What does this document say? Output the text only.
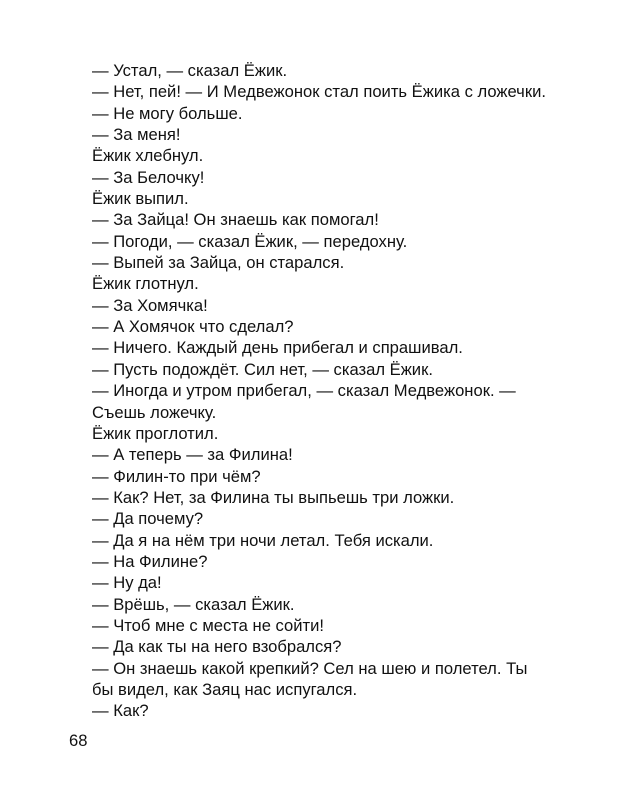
— Устал, — сказал Ёжик.
— Нет, пей! — И Медвежонок стал поить Ёжика с ложечки.
— Не могу больше.
— За меня!
Ёжик хлебнул.
— За Белочку!
Ёжик выпил.
— За Зайца! Он знаешь как помогал!
— Погоди, — сказал Ёжик, — передохну.
— Выпей за Зайца, он старался.
Ёжик глотнул.
— За Хомячка!
— А Хомячок что сделал?
— Ничего. Каждый день прибегал и спрашивал.
— Пусть подождёт. Сил нет, — сказал Ёжик.
— Иногда и утром прибегал, — сказал Медвежонок. —
Съешь ложечку.
Ёжик проглотил.
— А теперь — за Филина!
— Филин-то при чём?
— Как? Нет, за Филина ты выпьешь три ложки.
— Да почему?
— Да я на нём три ночи летал. Тебя искали.
— На Филине?
— Ну да!
— Врёшь, — сказал Ёжик.
— Чтоб мне с места не сойти!
— Да как ты на него взобрался?
— Он знаешь какой крепкий? Сел на шею и полетел. Ты
бы видел, как Заяц нас испугался.
— Как?
68
